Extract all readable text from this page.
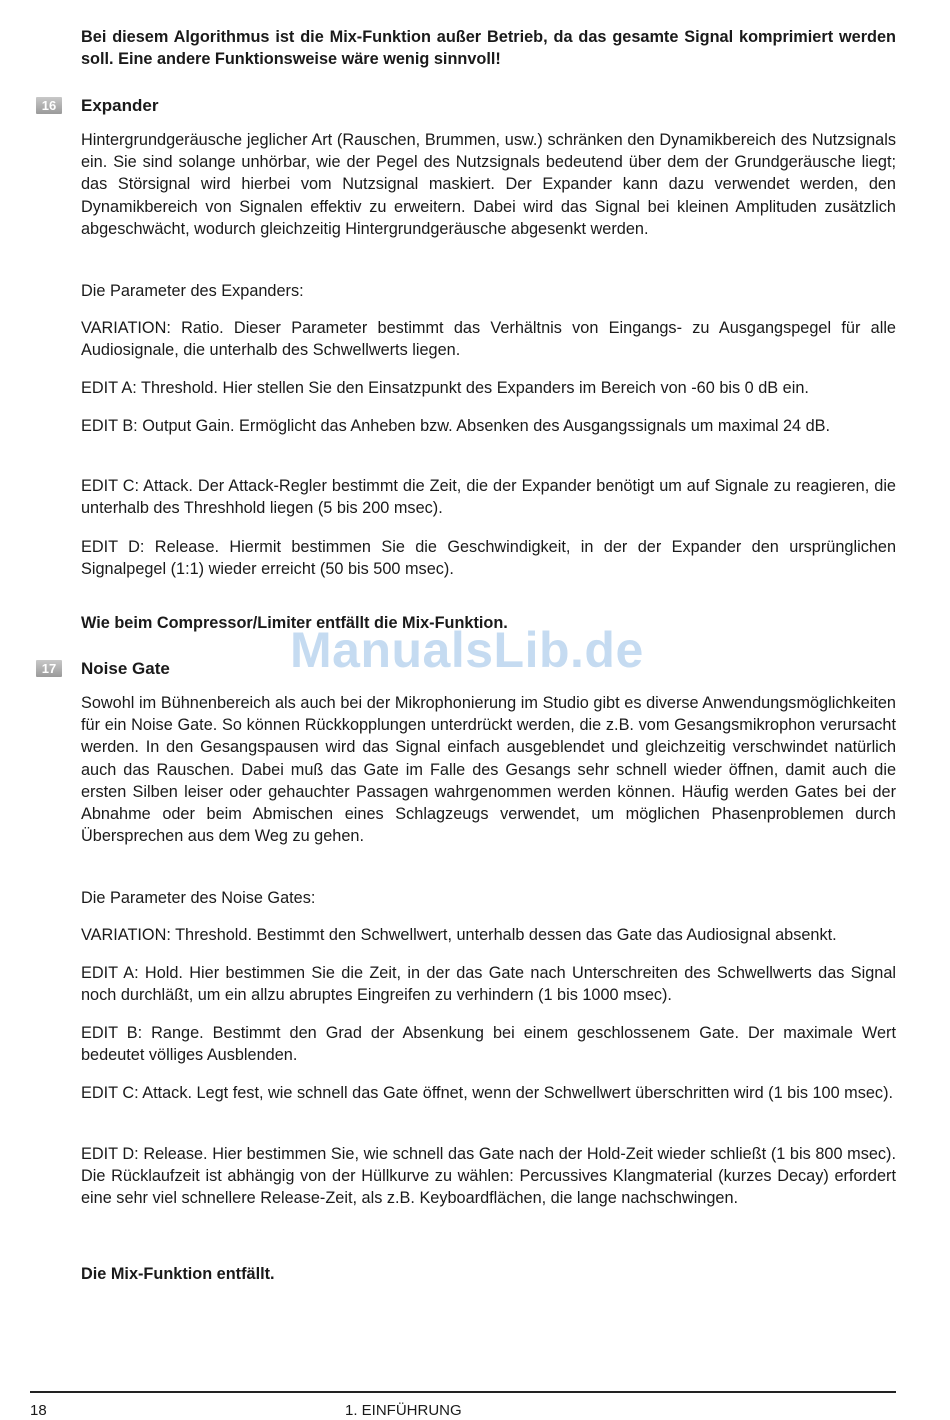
Bei diesem Algorithmus ist die Mix-Funktion außer Betrieb, da das gesamte Signal komprimiert werden soll. Eine andere Funktionsweise wäre wenig sinnvoll!

16	Expander

Hintergrundgeräusche jeglicher Art (Rauschen, Brummen, usw.) schränken den Dynamikbereich des Nutzsignals ein. Sie sind solange unhörbar, wie der Pegel des Nutzsignals bedeutend über dem der Grundgeräusche liegt; das Störsignal wird hierbei vom Nutzsignal maskiert. Der Expander kann dazu verwendet werden, den Dynamikbereich von Signalen effektiv zu erweitern. Dabei wird das Signal bei kleinen Amplituden zusätzlich abgeschwächt, wodurch gleichzeitig Hintergrundgeräusche abgesenkt werden.

Die Parameter des Expanders:

VARIATION: Ratio. Dieser Parameter bestimmt das Verhältnis von Eingangs- zu Ausgangspegel für alle Audiosignale, die unterhalb des Schwellwerts liegen.

EDIT A: Threshold. Hier stellen Sie den Einsatzpunkt des Expanders im Bereich von -60 bis 0 dB ein.

EDIT B: Output Gain. Ermöglicht das Anheben bzw. Absenken des Ausgangssignals um maximal 24 dB.

EDIT C: Attack. Der Attack-Regler bestimmt die Zeit, die der Expander benötigt um auf Signale zu reagieren, die unterhalb des Threshhold liegen (5 bis 200 msec).

EDIT D: Release. Hiermit bestimmen Sie die Geschwindigkeit, in der der Expander den ursprünglichen Signalpegel (1:1) wieder erreicht (50 bis 500 msec).

Wie beim Compressor/Limiter entfällt die Mix-Funktion.

17	Noise Gate

Sowohl im Bühnenbereich als auch bei der Mikrophonierung im Studio gibt es diverse Anwendungsmöglichkeiten für ein Noise Gate. So können Rückkopplungen unterdrückt werden, die z.B. vom Gesangsmikrophon verursacht werden. In den Gesangspausen wird das Signal einfach ausgeblendet und gleichzeitig verschwindet natürlich auch das Rauschen. Dabei muß das Gate im Falle des Gesangs sehr schnell wieder öffnen, damit auch die ersten Silben leiser oder gehauchter Passagen wahrgenommen werden können. Häufig werden Gates bei der Abnahme oder beim Abmischen eines Schlagzeugs verwendet, um möglichen Phasenproblemen durch Übersprechen aus dem Weg zu gehen.

Die Parameter des Noise Gates:

VARIATION: Threshold. Bestimmt den Schwellwert, unterhalb dessen das Gate das Audiosignal absenkt.

EDIT A: Hold. Hier bestimmen Sie die Zeit, in der das Gate nach Unterschreiten des Schwellwerts das Signal noch durchläßt, um ein allzu abruptes Eingreifen zu verhindern (1 bis 1000 msec).

EDIT B: Range. Bestimmt den Grad der Absenkung bei einem geschlossenem Gate. Der maximale Wert bedeutet völliges Ausblenden.

EDIT C: Attack. Legt fest, wie schnell das Gate öffnet, wenn der Schwellwert überschritten wird (1 bis 100 msec).

EDIT D: Release. Hier bestimmen Sie, wie schnell das Gate nach der Hold-Zeit wieder schließt (1 bis 800 msec). Die Rücklaufzeit ist abhängig von der Hüllkurve zu wählen: Percussives Klangmaterial (kurzes Decay) erfordert eine sehr viel schnellere Release-Zeit, als z.B. Keyboardflächen, die lange nachschwingen.

Die Mix-Funktion entfällt.

ManualsLib.de
18	1. EINFÜHRUNG
